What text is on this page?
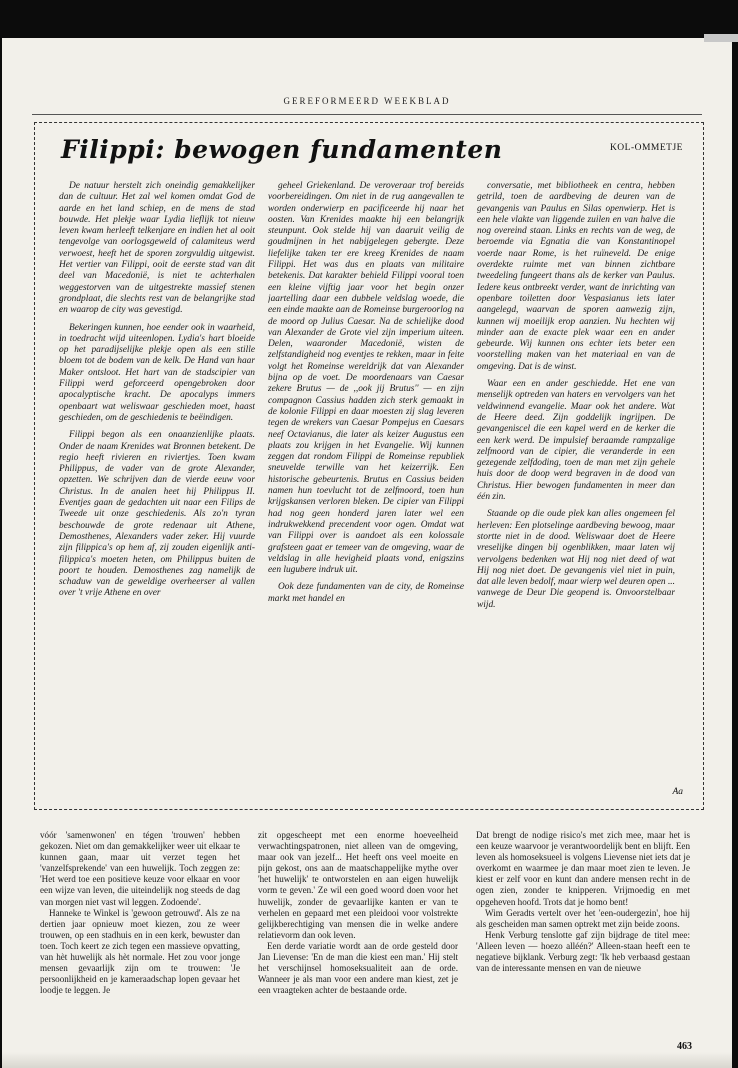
GEREFORMEERD WEEKBLAD
Filippi: bewogen fundamenten	KOL-OMMETJE

De natuur herstelt zich oneindig gemakkelijker dan de cultuur. Het zal wel komen omdat God de aarde en het land schiep, en de mens de stad bouwde. Het plekje waar Lydia lieflijk tot nieuw leven kwam herleeft telkenjare en indien het al ooit tengevolge van oorlogsgeweld of calamiteus werd verwoest, heeft het de sporen zorgvuldig uitgewist. Het vertier van Filippi, ooit de eerste stad van dit deel van Macedonië, is niet te achterhalen weggestorven van de uitgestrekte massief stenen grondplaat, die slechts rest van de belangrijke stad en waarop de city was gevestigd.

Bekeringen kunnen, hoe eender ook in waarheid, in toedracht wijd uiteenlopen. Lydia's hart bloeide op het paradijselijke plekje open als een stille bloem tot de bodem van de kelk. De Hand van haar Maker ontsloot. Het hart van de stadscipier van Filippi werd geforceerd opengebroken door apocalyptische kracht. De apocalyps immers openbaart wat weliswaar geschieden moet, haast geschieden, om de geschiedenis te beëindigen.

Filippi begon als een onaanzienlijke plaats. Onder de naam Krenides wat Bronnen betekent. De regio heeft rivieren en riviertjes. Toen kwam Philippus, de vader van de grote Alexander, opzetten. We schrijven dan de vierde eeuw voor Christus. In de analen heet hij Philippus II. Eventjes gaan de gedachten uit naar een Filips de Tweede uit onze geschiedenis. Als zo'n tyran beschouwde de grote redenaar uit Athene, Demosthenes, Alexanders vader zeker. Hij vuurde zijn filippica's op hem af, zij zouden eigenlijk anti-filippica's moeten heten, om Philippus buiten de poort te houden. Demosthenes zag namelijk de schaduw van de geweldige overheerser al vallen over 't vrije Athene en over

geheel Griekenland. De veroveraar trof bereids voorbereidingen. Om niet in de rug aangevallen te worden onderwierp en pacificeerde hij naar het oosten. Van Krenides maakte hij een belangrijk steunpunt. Ook stelde hij van daaruit veilig de goudmijnen in het nabijgelegen gebergte. Deze liefelijke taken ter ere kreeg Krenides de naam Filippi. Het was dus en plaats van militaire betekenis. Dat karakter behield Filippi vooral toen een kleine vijftig jaar voor het begin onzer jaartelling daar een dubbele veldslag woede, die een einde maakte aan de Romeinse burgeroorlog na de moord op Julius Caesar. Na de schielijke dood van Alexander de Grote viel zijn imperium uiteen. Delen, waaronder Macedonië, wisten de zelfstandigheid nog eventjes te rekken, maar in feite volgt het Romeinse wereldrijk dat van Alexander bijna op de voet. De moordenaars van Caesar zekere Brutus — de ,,ook jij Brutus'' — en zijn compagnon Cassius hadden zich sterk gemaakt in de kolonie Filippi en daar moesten zij slag leveren tegen de wrekers van Caesar Pompejus en Caesars neef Octavianus, die later als keizer Augustus een plaats zou krijgen in het Evangelie. Wij kunnen zeggen dat rondom Filippi de Romeinse republiek sneuvelde terwille van het keizerrijk. Een historische gebeurtenis. Brutus en Cassius beiden namen hun toevlucht tot de zelfmoord, toen hun krijgskansen verloren bleken. De cipier van Filippi had nog geen honderd jaren later wel een indrukwekkend precendent voor ogen. Omdat wat van Filippi over is aandoet als een kolossale grafsteen gaat er temeer van de omgeving, waar de veldslag in alle hevigheid plaats vond, enigszins een lugubere indruk uit.

Ook deze fundamenten van de city, de Romeinse markt met handel en

conversatie, met bibliotheek en centra, hebben getrild, toen de aardbeving de deuren van de gevangenis van Paulus en Silas openwierp. Het is een hele vlakte van liggende zuilen en van halve die nog overeind staan. Links en rechts van de weg, de beroemde via Egnatia die van Konstantinopel voerde naar Rome, is het ruïneveld. De enige overdekte ruimte met van binnen zichtbare tweedeling fungeert thans als de kerker van Paulus. Iedere keus ontbreekt verder, want de inrichting van openbare toiletten door Vespasianus iets later aangelegd, waarvan de sporen aanwezig zijn, kunnen wij moeilijk erop aanzien. Nu hechten wij minder aan de exacte plek waar een en ander gebeurde. Wij kunnen ons echter iets beter een voorstelling maken van het materiaal en van de omgeving. Dat is de winst.

Waar een en ander geschiedde. Het ene van menselijk optreden van haters en vervolgers van het veldwinnend evangelie. Maar ook het andere. Wat de Heere deed. Zijn goddelijk ingrijpen. De gevangeniscel die een kapel werd en de kerker die een kerk werd. De impulsief beraamde rampzalige zelfmoord van de cipier, die veranderde in een gezegende zelfdoding, toen de man met zijn gehele huis door de doop werd begraven in de dood van Christus. Hier bewogen fundamenten in meer dan één zin.

Staande op die oude plek kan alles ongemeen fel herleven: Een plotselinge aardbeving bewoog, maar stortte niet in de dood. Weliswaar doet de Heere vreselijke dingen bij ogenblikken, maar laten wij vervolgens bedenken wat Hij nog niet deed of wat Hij nog niet doet. De gevangenis viel niet in puin, dat alle leven bedolf, maar wierp wel deuren open ... vanwege de Deur Die geopend is. Onvoorstelbaar wijd.

Aa

vóór 'samenwonen' en tégen 'trouwen' hebben gekozen. Niet om dan gemakkelijker weer uit elkaar te kunnen gaan, maar uit verzet tegen het 'vanzelfsprekende' van een huwelijk. Toch zeggen ze: 'Het werd toe een positieve keuze voor elkaar en voor een wijze van leven, die uiteindelijk nog steeds de dag van morgen niet vast wil leggen. Zodoende'.

Hanneke te Winkel is 'gewoon getrouwd'. Als ze na dertien jaar opnieuw moet kiezen, zou ze weer trouwen, op een stadhuis en in een kerk, bewuster dan toen. Toch keert ze zich tegen een massieve opvatting, van hèt huwelijk als hèt normale. Het zou voor jonge mensen gevaarlijk zijn om te trouwen: 'Je persoonlijkheid en je kameraadschap lopen gevaar het loodje te leggen. Je

zit opgescheept met een enorme hoeveelheid verwachtingspatronen, niet alleen van de omgeving, maar ook van jezelf... Het heeft ons veel moeite en pijn gekost, ons aan de maatschappelijke mythe over 'het huwelijk' te ontworstelen en aan eigen huwelijk vorm te geven.' Ze wil een goed woord doen voor het huwelijk, zonder de gevaarlijke kanten er van te verhelen en gepaard met een pleidooi voor volstrekte gelijkberechtiging van mensen die in welke andere relatievorm dan ook leven.

Een derde variatie wordt aan de orde gesteld door Jan Lievense: 'En de man die kiest een man.' Hij stelt het verschijnsel homoseksualiteit aan de orde. Wanneer je als man voor een andere man kiest, zet je een vraagteken achter de bestaande orde.

Dat brengt de nodige risico's met zich mee, maar het is een keuze waarvoor je verantwoordelijk bent en blijft. Een leven als homoseksueel is volgens Lievense niet iets dat je overkomt en waarmee je dan maar moet zien te leven. Je kiest er zelf voor en kunt dan andere mensen recht in de ogen zien, zonder te knipperen. Vrijmoedig en met opgeheven hoofd. Trots dat je homo bent!

Wim Geradts vertelt over het 'een-oudergezin', hoe hij als gescheiden man samen optrekt met zijn beide zoons.

Henk Verburg tenslotte gaf zijn bijdrage de titel mee: 'Alleen leven — hoezo alléén?' Alleen-staan heeft een te negatieve bijklank. Verburg zegt: 'Ik heb verbaasd gestaan van de interessante mensen en van de nieuwe

463
